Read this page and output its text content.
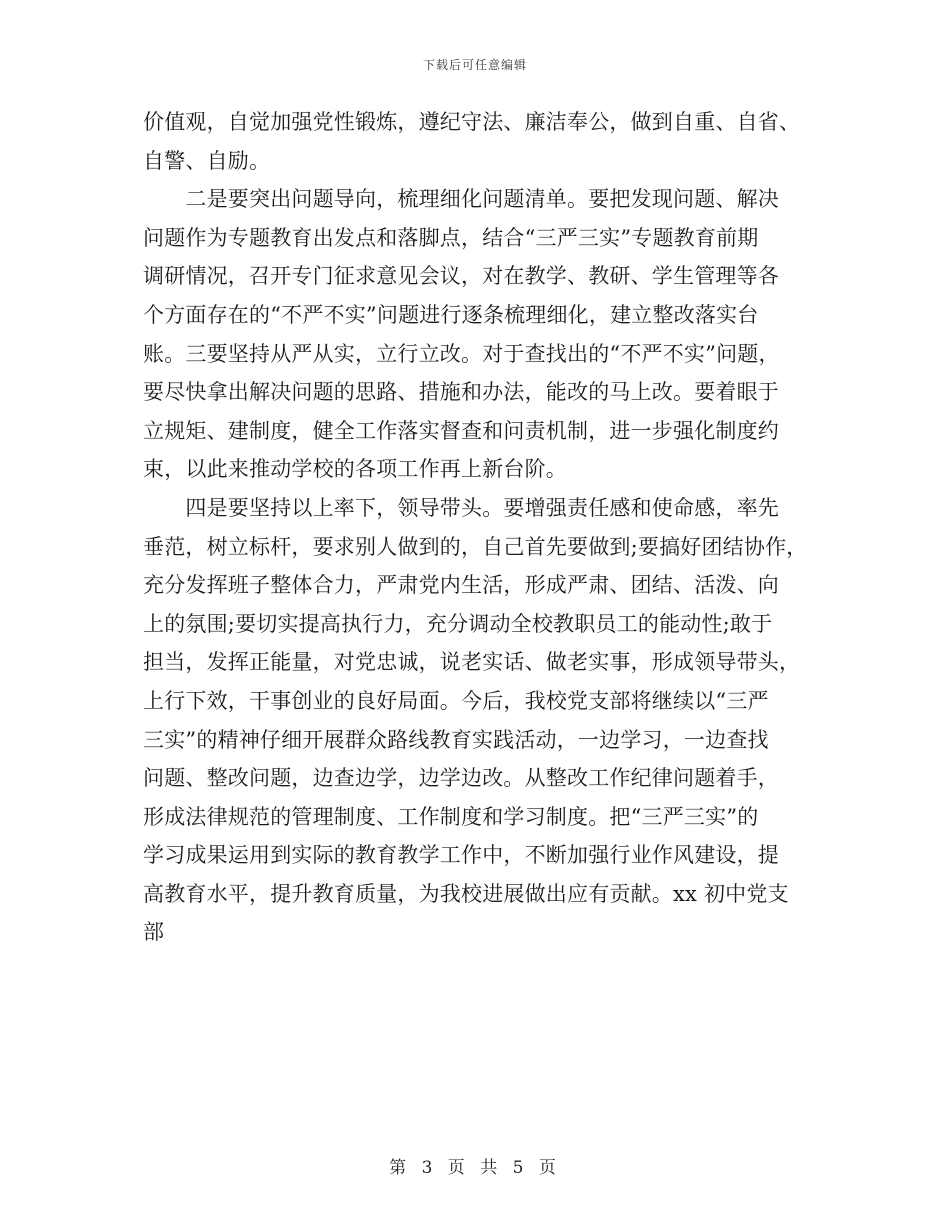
下载后可任意编辑
价值观，自觉加强党性锻炼，遵纪守法、廉洁奉公，做到自重、自省、
自警、自励。
　　二是要突出问题导向，梳理细化问题清单。要把发现问题、解决
问题作为专题教育出发点和落脚点，结合“三严三实”专题教育前期
调研情况，召开专门征求意见会议，对在教学、教研、学生管理等各
个方面存在的“不严不实”问题进行逐条梳理细化，建立整改落实台
账。三要坚持从严从实，立行立改。对于查找出的“不严不实”问题，
要尽快拿出解决问题的思路、措施和办法，能改的马上改。要着眼于
立规矩、建制度，健全工作落实督查和问责机制，进一步强化制度约
束，以此来推动学校的各项工作再上新台阶。
　　四是要坚持以上率下，领导带头。要增强责任感和使命感，率先
垂范，树立标杆，要求别人做到的，自己首先要做到;要搞好团结协作，
充分发挥班子整体合力，严肃党内生活，形成严肃、团结、活泼、向
上的氛围;要切实提高执行力，充分调动全校教职员工的能动性;敢于
担当，发挥正能量，对党忠诚，说老实话、做老实事，形成领导带头，
上行下效，干事创业的良好局面。今后，我校党支部将继续以“三严
三实”的精神仔细开展群众路线教育实践活动，一边学习，一边查找
问题、整改问题，边查边学，边学边改。从整改工作纪律问题着手，
形成法律规范的管理制度、工作制度和学习制度。把“三严三实”的
学习成果运用到实际的教育教学工作中，不断加强行业作风建设，提
高教育水平，提升教育质量，为我校进展做出应有贡献。xx 初中党支
部
第 3 页 共 5 页
